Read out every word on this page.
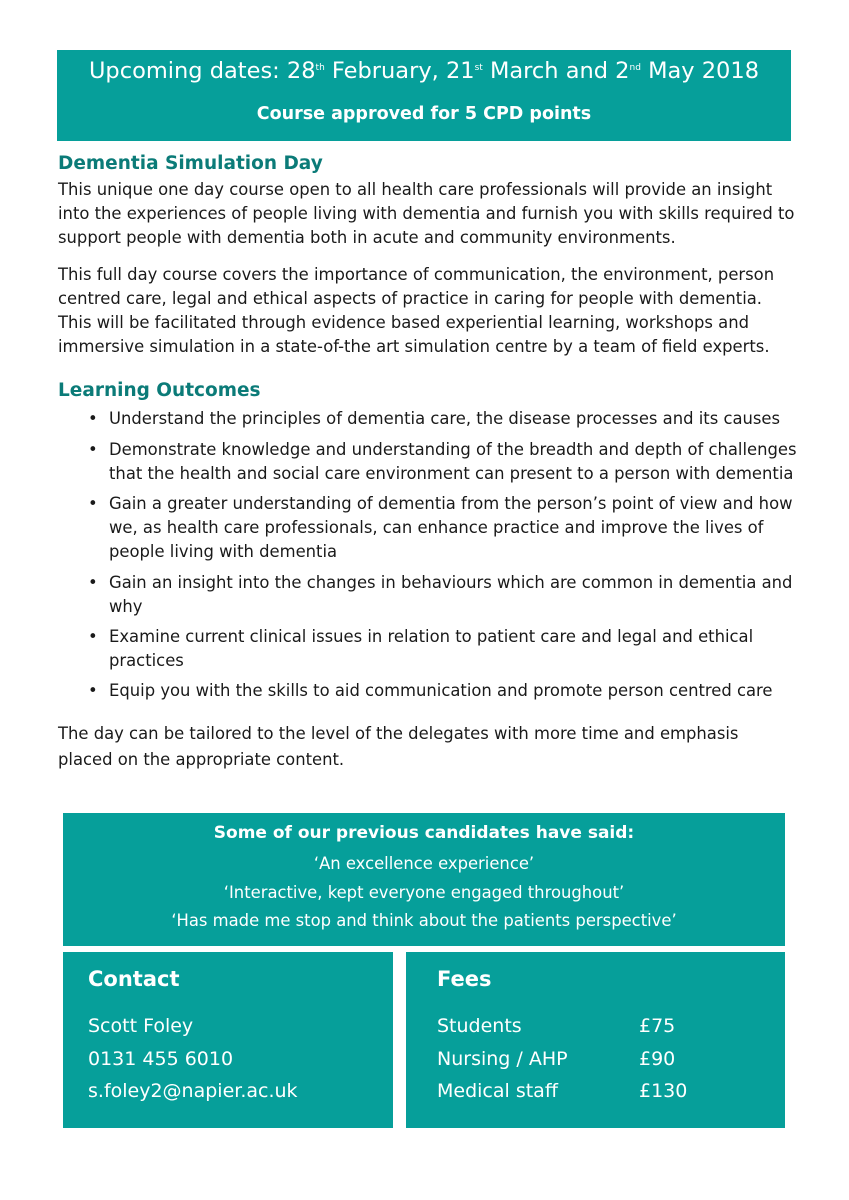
Upcoming dates: 28th February, 21st March and 2nd May 2018
Course approved for 5 CPD points
Dementia Simulation Day

This unique one day course open to all health care professionals will provide an insight into the experiences of people living with dementia and furnish you with skills required to support people with dementia both in acute and community environments.

This full day course covers the importance of communication, the environment, person centred care, legal and ethical aspects of practice in caring for people with dementia. This will be facilitated through evidence based experiential learning, workshops and immersive simulation in a state-of-the art simulation centre by a team of field experts.

Learning Outcomes
• Understand the principles of dementia care, the disease processes and its causes
• Demonstrate knowledge and understanding of the breadth and depth of challenges that the health and social care environment can present to a person with dementia
• Gain a greater understanding of dementia from the person’s point of view and how we, as health care professionals, can enhance practice and improve the lives of people living with dementia
• Gain an insight into the changes in behaviours which are common in dementia and why
• Examine current clinical issues in relation to patient care and legal and ethical practices
• Equip you with the skills to aid communication and promote person centred care

The day can be tailored to the level of the delegates with more time and emphasis placed on the appropriate content.

Some of our previous candidates have said:
‘An excellence experience’
‘Interactive, kept everyone engaged throughout’
‘Has made me stop and think about the patients perspective’
Contact
Scott Foley
0131 455 6010
s.foley2@napier.ac.uk
Fees
Students	£75
Nursing / AHP	£90
Medical staff	£130
